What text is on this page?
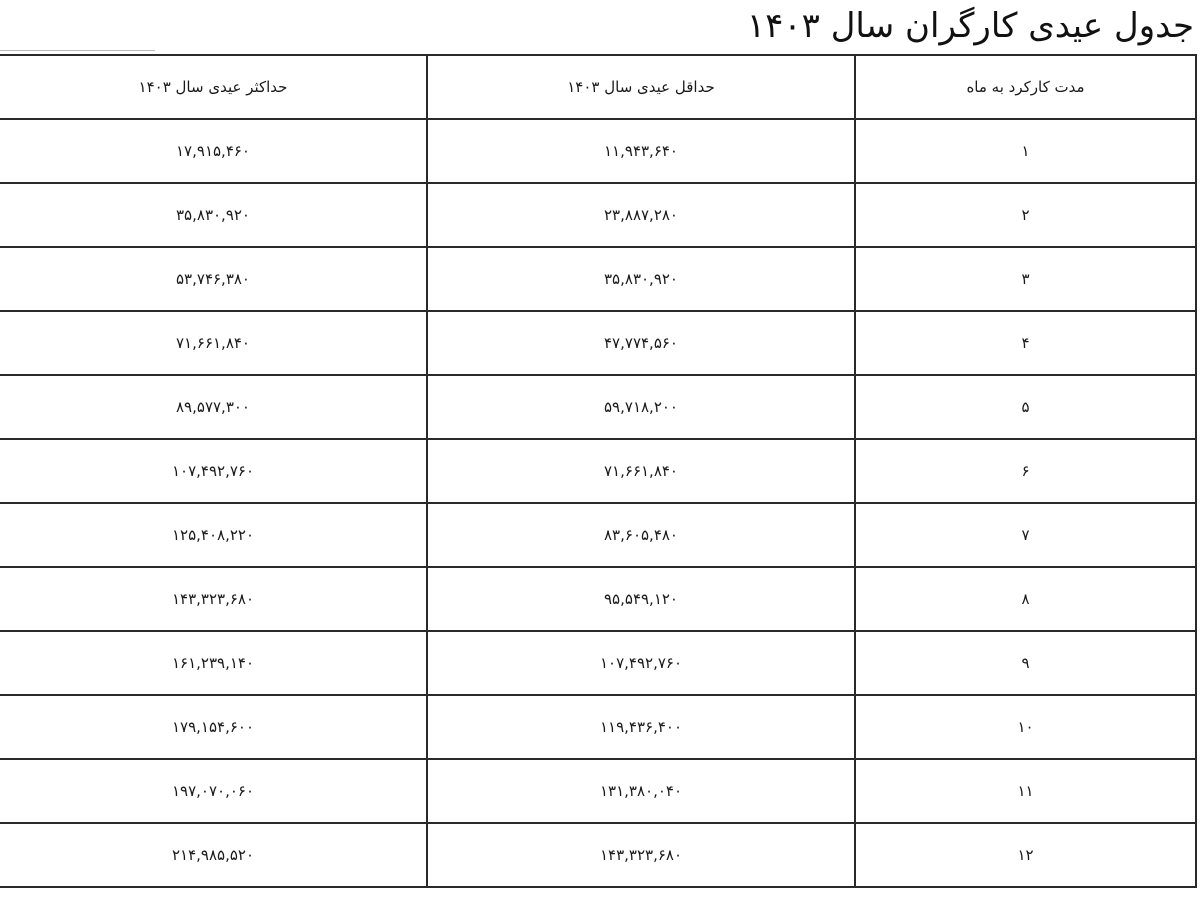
جدول عیدی کارگران سال ۱۴۰۳
مدت کارکرد به ماه	حداقل عیدی سال ۱۴۰۳	حداکثر عیدی سال ۱۴۰۳
۱	۱۱,۹۴۳,۶۴۰	۱۷,۹۱۵,۴۶۰
۲	۲۳,۸۸۷,۲۸۰	۳۵,۸۳۰,۹۲۰
۳	۳۵,۸۳۰,۹۲۰	۵۳,۷۴۶,۳۸۰
۴	۴۷,۷۷۴,۵۶۰	۷۱,۶۶۱,۸۴۰
۵	۵۹,۷۱۸,۲۰۰	۸۹,۵۷۷,۳۰۰
۶	۷۱,۶۶۱,۸۴۰	۱۰۷,۴۹۲,۷۶۰
۷	۸۳,۶۰۵,۴۸۰	۱۲۵,۴۰۸,۲۲۰
۸	۹۵,۵۴۹,۱۲۰	۱۴۳,۳۲۳,۶۸۰
۹	۱۰۷,۴۹۲,۷۶۰	۱۶۱,۲۳۹,۱۴۰
۱۰	۱۱۹,۴۳۶,۴۰۰	۱۷۹,۱۵۴,۶۰۰
۱۱	۱۳۱,۳۸۰,۰۴۰	۱۹۷,۰۷۰,۰۶۰
۱۲	۱۴۳,۳۲۳,۶۸۰	۲۱۴,۹۸۵,۵۲۰
